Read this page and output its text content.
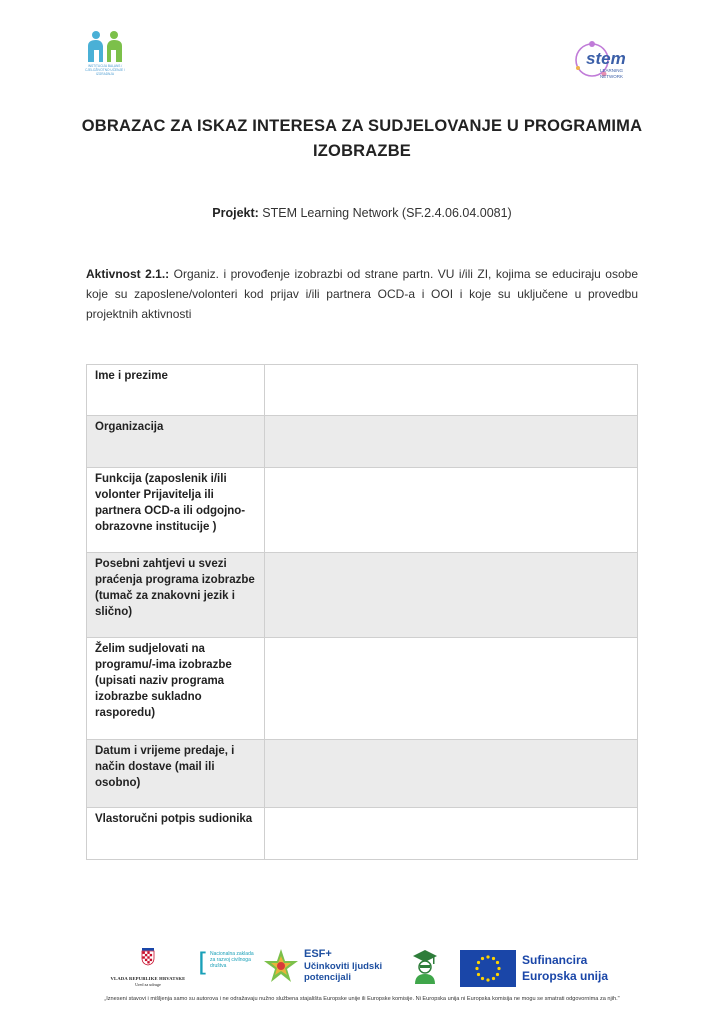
INSTITUCIJA BALANS / CJELOŽIVOTNO UČENJE / IZGRADNJA
stem
LEARNING
NETWORK
OBRAZAC ZA ISKAZ INTERESA ZA SUDJELOVANJE U PROGRAMIMA
IZOBRAZBE
Projekt: STEM Learning Network (SF.2.4.06.04.0081)
Aktivnost 2.1.: Organiz. i provođenje izobrazbi od strane partn. VU i/ili ZI, kojima se educiraju osobe koje su zaposlene/volonteri kod prijav i/ili partnera OCD-a i OOI i koje su uključene u provedbu projektnih aktivnosti
Ime i prezime	
Organizacija	
Funkcija (zaposlenik i/ili volonter Prijavitelja ili partnera OCD-a ili odgojno-obrazovne institucije )	
Posebni zahtjevi u svezi praćenja programa izobrazbe (tumač za znakovni jezik i slično)	
Želim sudjelovati na programu/-ima izobrazbe (upisati naziv programa izobrazbe sukladno rasporedu)	
Datum i vrijeme predaje, i način dostave (mail ili osobno)	
Vlastoručni potpis sudionika	
VLADA REPUBLIKE HRVATSKE
Ured za udruge
[ Nacionalna zaklada za razvoj civilnoga društva
ESF+
Učinkoviti ljudski potencijali
Sufinancira
Europska unija
„Izneseni stavovi i mišljenja samo su autorova i ne odražavaju nužno službena stajališta Europske unije ili Europske komisije. Ni Europska unija ni Europska komisija ne mogu se smatrati odgovornima za njih."
